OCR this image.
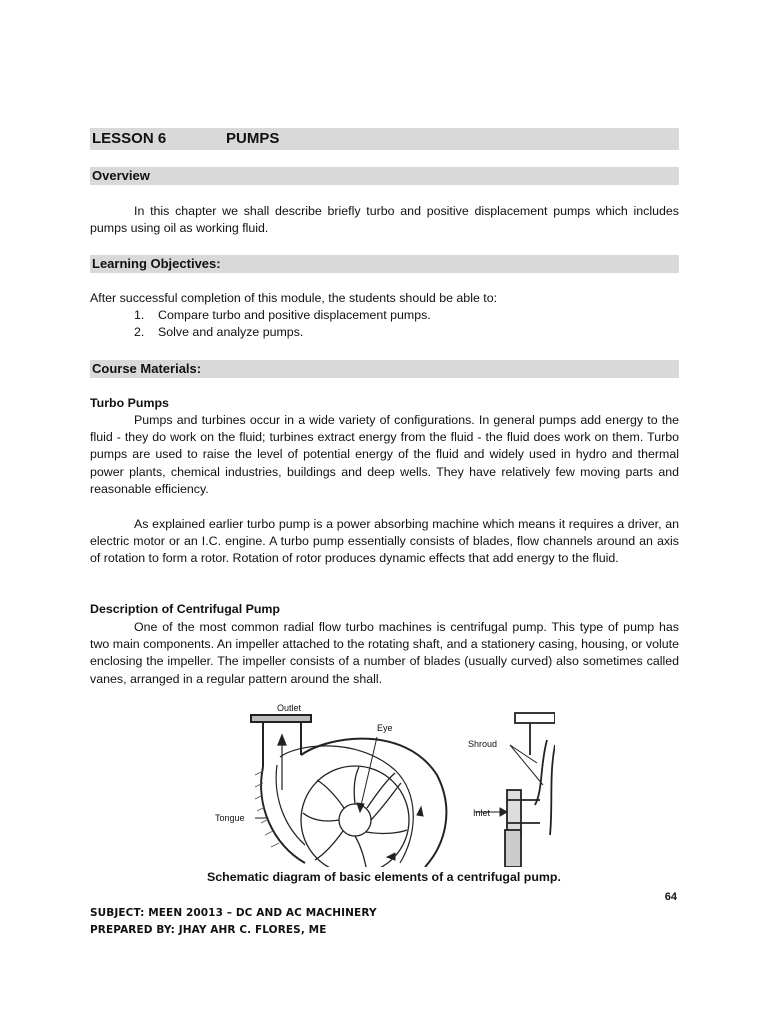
LESSON 6	PUMPS
Overview

In this chapter we shall describe briefly turbo and positive displacement pumps which includes pumps using oil as working fluid.

Learning Objectives:

After successful completion of this module, the students should be able to:

1. Compare turbo and positive displacement pumps.
2. Solve and analyze pumps.
Course Materials:
Turbo Pumps

Pumps and turbines occur in a wide variety of configurations. In general pumps add energy to the fluid - they do work on the fluid; turbines extract energy from the fluid - the fluid does work on them. Turbo pumps are used to raise the level of potential energy of the fluid and widely used in hydro and thermal power plants, chemical industries, buildings and deep wells. They have relatively few moving parts and reasonable efficiency.

As explained earlier turbo pump is a power absorbing machine which means it requires a driver, an electric motor or an I.C. engine. A turbo pump essentially consists of blades, flow channels around an axis of rotation to form a rotor. Rotation of rotor produces dynamic effects that add energy to the fluid.

Description of Centrifugal Pump

One of the most common radial flow turbo machines is centrifugal pump. This type of pump has two main components. An impeller attached to the rotating shaft, and a stationery casing, housing, or volute enclosing the impeller. The impeller consists of a number of blades (usually curved) also sometimes called vanes, arranged in a regular pattern around the shall.

Outlet
Eye
Tongue
Shroud
Inlet
Schematic diagram of basic elements of a centrifugal pump.
64
SUBJECT: MEEN 20013 – DC AND AC MACHINERY
PREPARED BY: JHAY AHR C. FLORES, ME
